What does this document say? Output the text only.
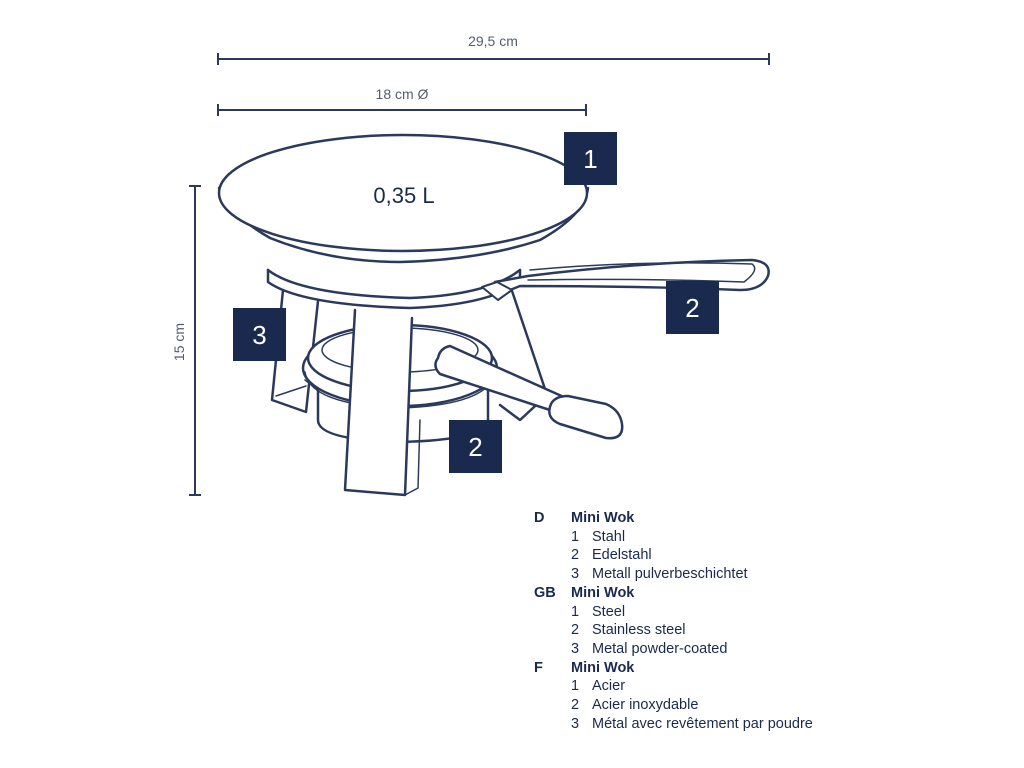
29,5 cm
18 cm Ø
15 cm
0,35 L
1
2
3
2
D	Mini Wok
1 Stahl
2 Edelstahl
3 Metall pulverbeschichtet
GB	Mini Wok
1 Steel
2 Stainless steel
3 Metal powder-coated
F	Mini Wok
1 Acier
2 Acier inoxydable
3 Métal avec revêtement par poudre
